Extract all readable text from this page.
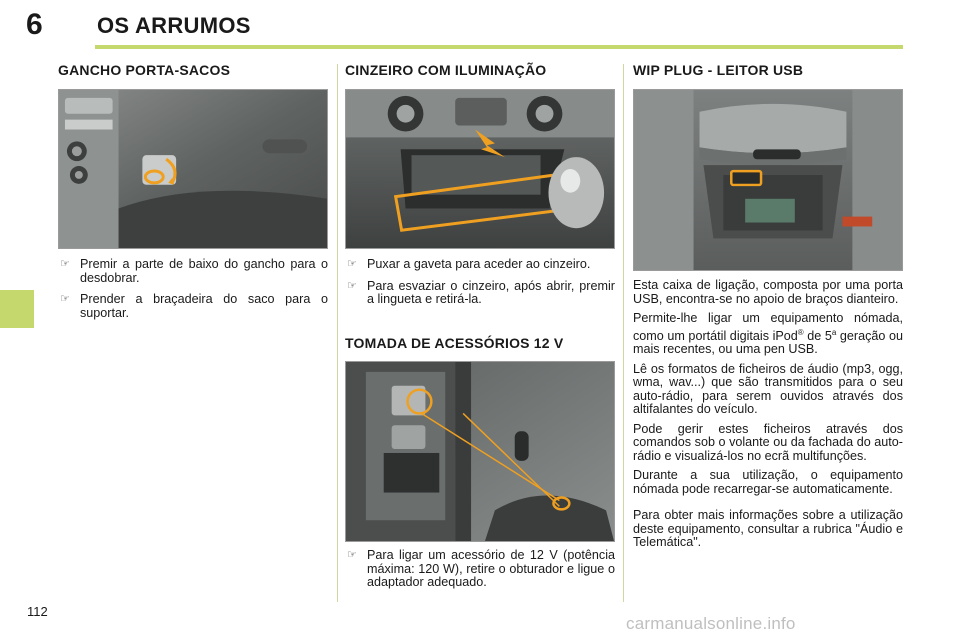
6 OS ARRUMOS
GANCHO PORTA-SACOS
☞ Premir a parte de baixo do gancho para o desdobrar.
☞ Prender a braçadeira do saco para o suportar.
CINZEIRO COM ILUMINAÇÃO
☞ Puxar a gaveta para aceder ao cinzeiro.
☞ Para esvaziar o cinzeiro, após abrir, premir a lingueta e retirá-la.
TOMADA DE ACESSÓRIOS 12 V
☞ Para ligar um acessório de 12 V (potência máxima: 120 W), retire o obturador e ligue o adaptador adequado.
WIP PLUG - LEITOR USB

Esta caixa de ligação, composta por uma porta USB, encontra-se no apoio de braços dianteiro.

Permite-lhe ligar um equipamento nómada, como um portátil digitais iPod® de 5$^a$ geração ou mais recentes, ou uma pen USB.

Lê os formatos de ficheiros de áudio (mp3, ogg, wma, wav...) que são transmitidos para o seu auto-rádio, para serem ouvidos através dos altifalantes do veículo.

Pode gerir estes ficheiros através dos comandos sob o volante ou da fachada do auto-rádio e visualizá-los no ecrã multifunções.

Durante a sua utilização, o equipamento nómada pode recarregar-se automaticamente.

Para obter mais informações sobre a utilização deste equipamento, consultar a rubrica "Áudio e Telemática".

112
carmanualsonline.info
